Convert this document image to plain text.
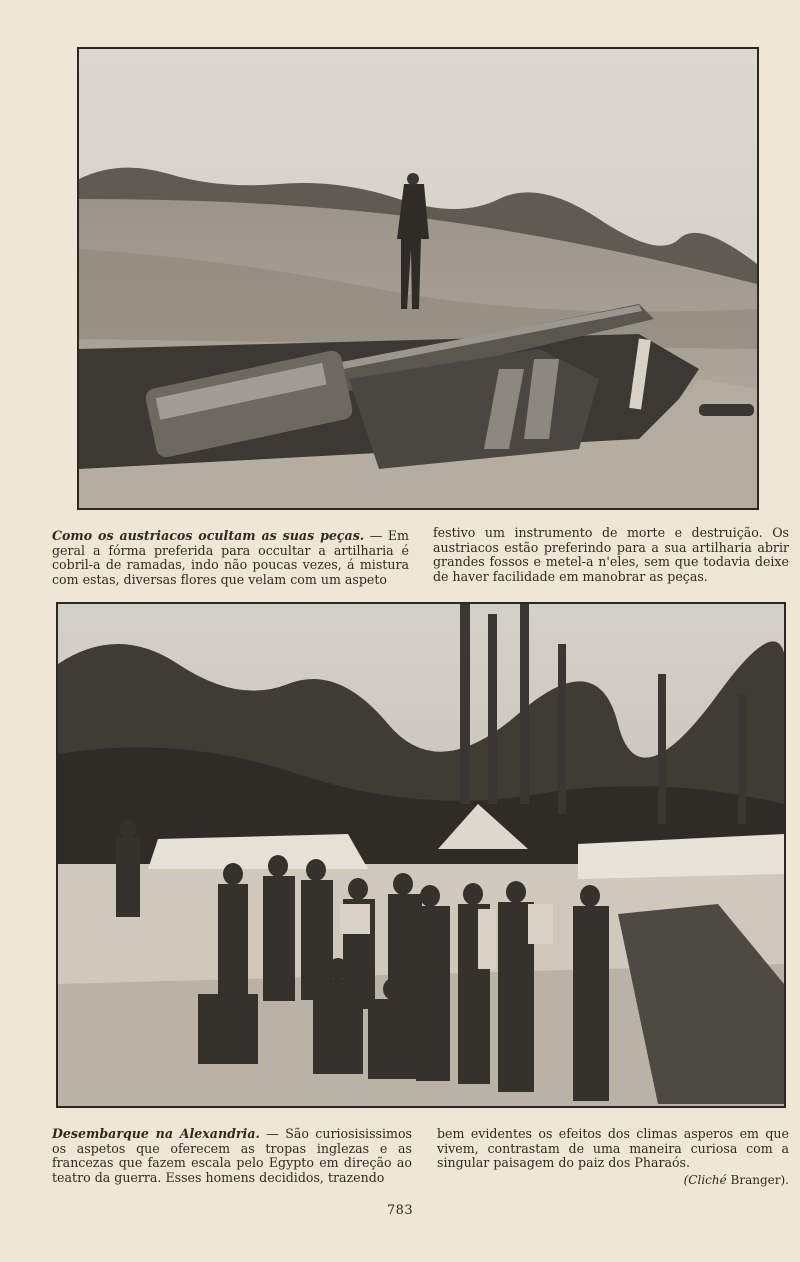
Como os austriacos ocultam as suas peças. — Em geral a fórma preferida para occultar a artilharia é cobril-a de ramadas, indo não poucas vezes, á mistura com estas, diversas flores que velam com um aspeto
festivo um instrumento de morte e destruição. Os austriacos estão preferindo para a sua artilharia abrir grandes fossos e metel-a n'eles, sem que todavia deixe de haver facilidade em manobrar as peças.
Desembarque na Alexandria. — São curiosisissimos os aspetos que oferecem as tropas inglezas e as francezas que fazem escala pelo Egypto em direção ao teatro da guerra. Esses homens decididos, trazendo
bem evidentes os efeitos dos climas asperos em que vivem, contrastam de uma maneira curiosa com a singular paisagem do paiz dos Pharaós.
(Cliché Branger).
783
